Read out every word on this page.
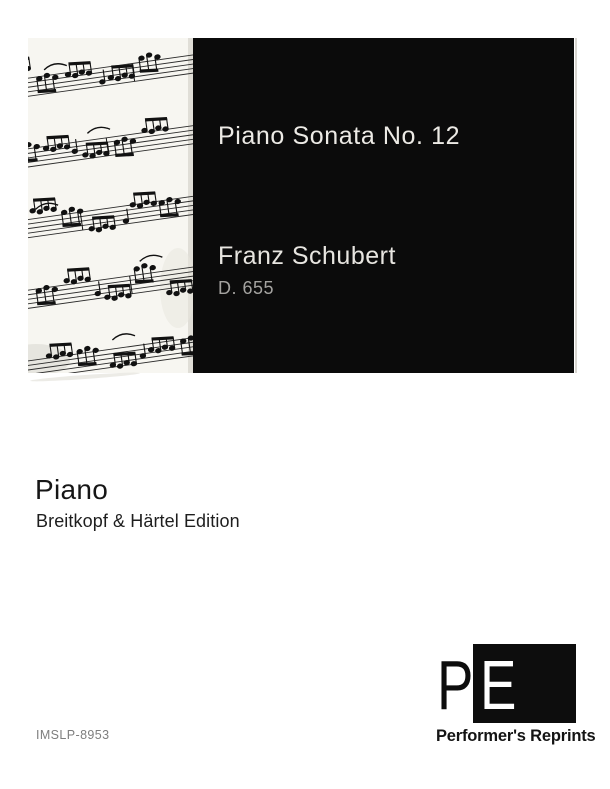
Piano Sonata No. 12
Franz Schubert
D. 655
Piano
Breitkopf & Härtel Edition
P E
Performer's Reprints
IMSLP-8953
